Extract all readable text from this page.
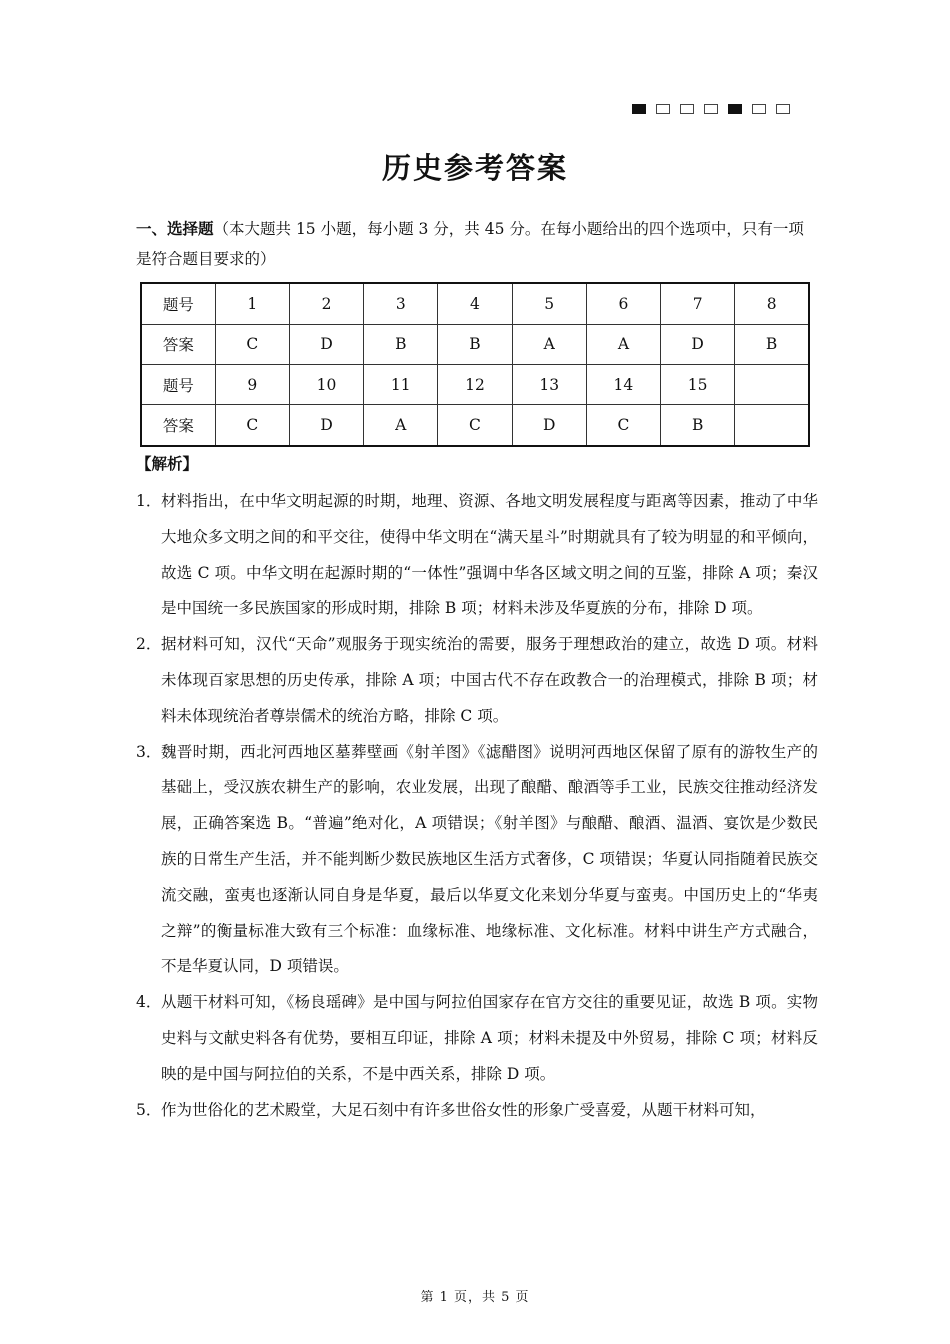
历史参考答案
一、选择题（本大题共 15 小题，每小题 3 分，共 45 分。在每小题给出的四个选项中，只有一项是符合题目要求的）
题号	1	2	3	4	5	6	7	8
答案	C	D	B	B	A	A	D	B
题号	9	10	11	12	13	14	15	
答案	C	D	A	C	D	C	B	
【解析】
1． 材料指出，在中华文明起源的时期，地理、资源、各地文明发展程度与距离等因素，推动了中华大地众多文明之间的和平交往，使得中华文明在“满天星斗”时期就具有了较为明显的和平倾向，故选 C 项。中华文明在起源时期的“一体性”强调中华各区域文明之间的互鉴，排除 A 项；秦汉是中国统一多民族国家的形成时期，排除 B 项；材料未涉及华夏族的分布，排除 D 项。
2． 据材料可知，汉代“天命”观服务于现实统治的需要，服务于理想政治的建立，故选 D 项。材料未体现百家思想的历史传承，排除 A 项；中国古代不存在政教合一的治理模式，排除 B 项；材料未体现统治者尊崇儒术的统治方略，排除 C 项。
3． 魏晋时期，西北河西地区墓葬壁画《射羊图》《滤醋图》说明河西地区保留了原有的游牧生产的基础上，受汉族农耕生产的影响，农业发展，出现了酿醋、酿酒等手工业，民族交往推动经济发展，正确答案选 B。“普遍”绝对化，A 项错误；《射羊图》与酿醋、酿酒、温酒、宴饮是少数民族的日常生产生活，并不能判断少数民族地区生活方式奢侈，C 项错误；华夏认同指随着民族交流交融，蛮夷也逐渐认同自身是华夏，最后以华夏文化来划分华夏与蛮夷。中国历史上的“华夷之辩”的衡量标准大致有三个标准：血缘标准、地缘标准、文化标准。材料中讲生产方式融合，不是华夏认同，D 项错误。
4． 从题干材料可知，《杨良瑶碑》是中国与阿拉伯国家存在官方交往的重要见证，故选 B 项。实物史料与文献史料各有优势，要相互印证，排除 A 项；材料未提及中外贸易，排除 C 项；材料反映的是中国与阿拉伯的关系，不是中西关系，排除 D 项。
5． 作为世俗化的艺术殿堂，大足石刻中有许多世俗女性的形象广受喜爱，从题干材料可知，
第 1 页，共 5 页
